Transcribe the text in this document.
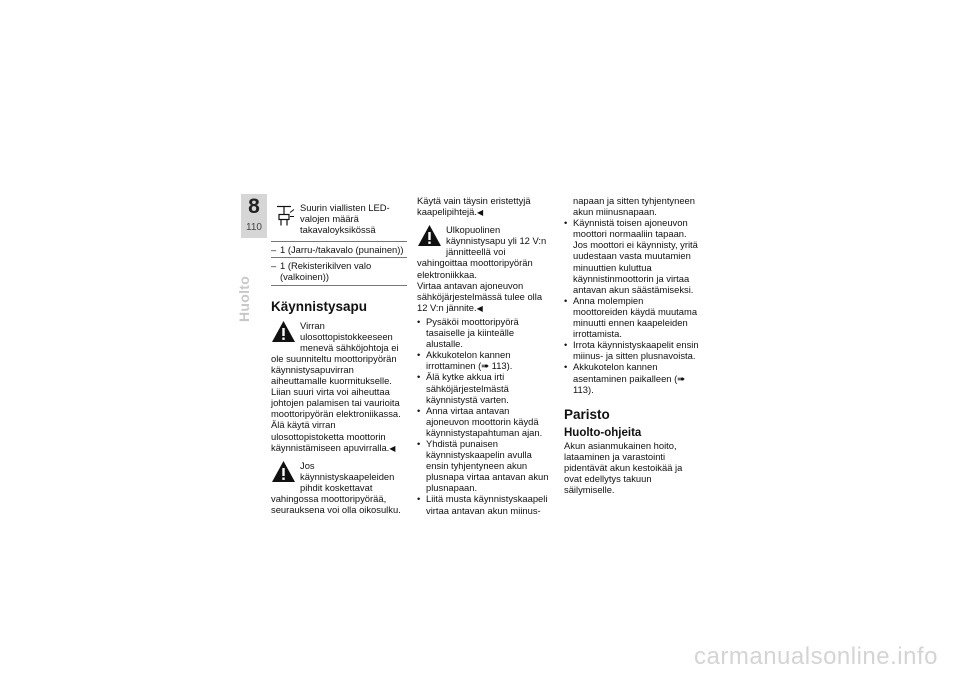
8
110
Huolto

Suurin viallisten LED-valojen määrä takavaloyksikössä

– 1 (Jarru-/takavalo (punainen))
– 1 (Rekisterikilven valo (valkoinen))
Käynnistysapu

Virran ulosottopistokkeeseen menevä sähköjohtoja ei ole suunniteltu moottoripyörän käynnistysapuvirran aiheuttamalle kuormitukselle. Liian suuri virta voi aiheuttaa johtojen palamisen tai vaurioita moottoripyörän elektroniikassa.
Älä käytä virran ulosottopistoketta moottorin käynnistämiseen apuvirralla.◀

Jos käynnistyskaapeleiden pihdit koskettavat vahingossa moottoripyörää, seurauksena voi olla oikosulku.

Käytä vain täysin eristettyjä kaapelipihtejä.◀

Ulkopuolinen käynnistysapu yli 12 V:n jännitteellä voi vahingoittaa moottoripyörän elektroniikkaa.
Virtaa antavan ajoneuvon sähköjärjestelmässä tulee olla 12 V:n jännite.◀

• Pysäköi moottoripyörä tasaiselle ja kiinteälle alustalle.
• Akkukotelon kannen irrottaminen (➠ 113).
• Älä kytke akkua irti sähköjärjestelmästä käynnistystä varten.
• Anna virtaa antavan ajoneuvon moottorin käydä käynnistystapahtuman ajan.
• Yhdistä punaisen käynnistyskaapelin avulla ensin tyhjentyneen akun plusnapa virtaa antavan akun plusnapaan.
• Liitä musta käynnistyskaapeli virtaa antavan akun miinus-
napaan ja sitten tyhjentyneen akun miinusnapaan.
• Käynnistä toisen ajoneuvon moottori normaaliin tapaan. Jos moottori ei käynnisty, yritä uudestaan vasta muutamien minuuttien kuluttua käynnistinmoottorin ja virtaa antavan akun säästämiseksi.
• Anna molempien moottoreiden käydä muutama minuutti ennen kaapeleiden irrottamista.
• Irrota käynnistyskaapelit ensin miinus- ja sitten plusnavoista.
• Akkukotelon kannen asentaminen paikalleen (➠ 113).
Paristo
Huolto-ohjeita

Akun asianmukainen hoito, lataaminen ja varastointi pidentävät akun kestoikää ja ovat edellytys takuun säilymiselle.

carmanualsonline.info
